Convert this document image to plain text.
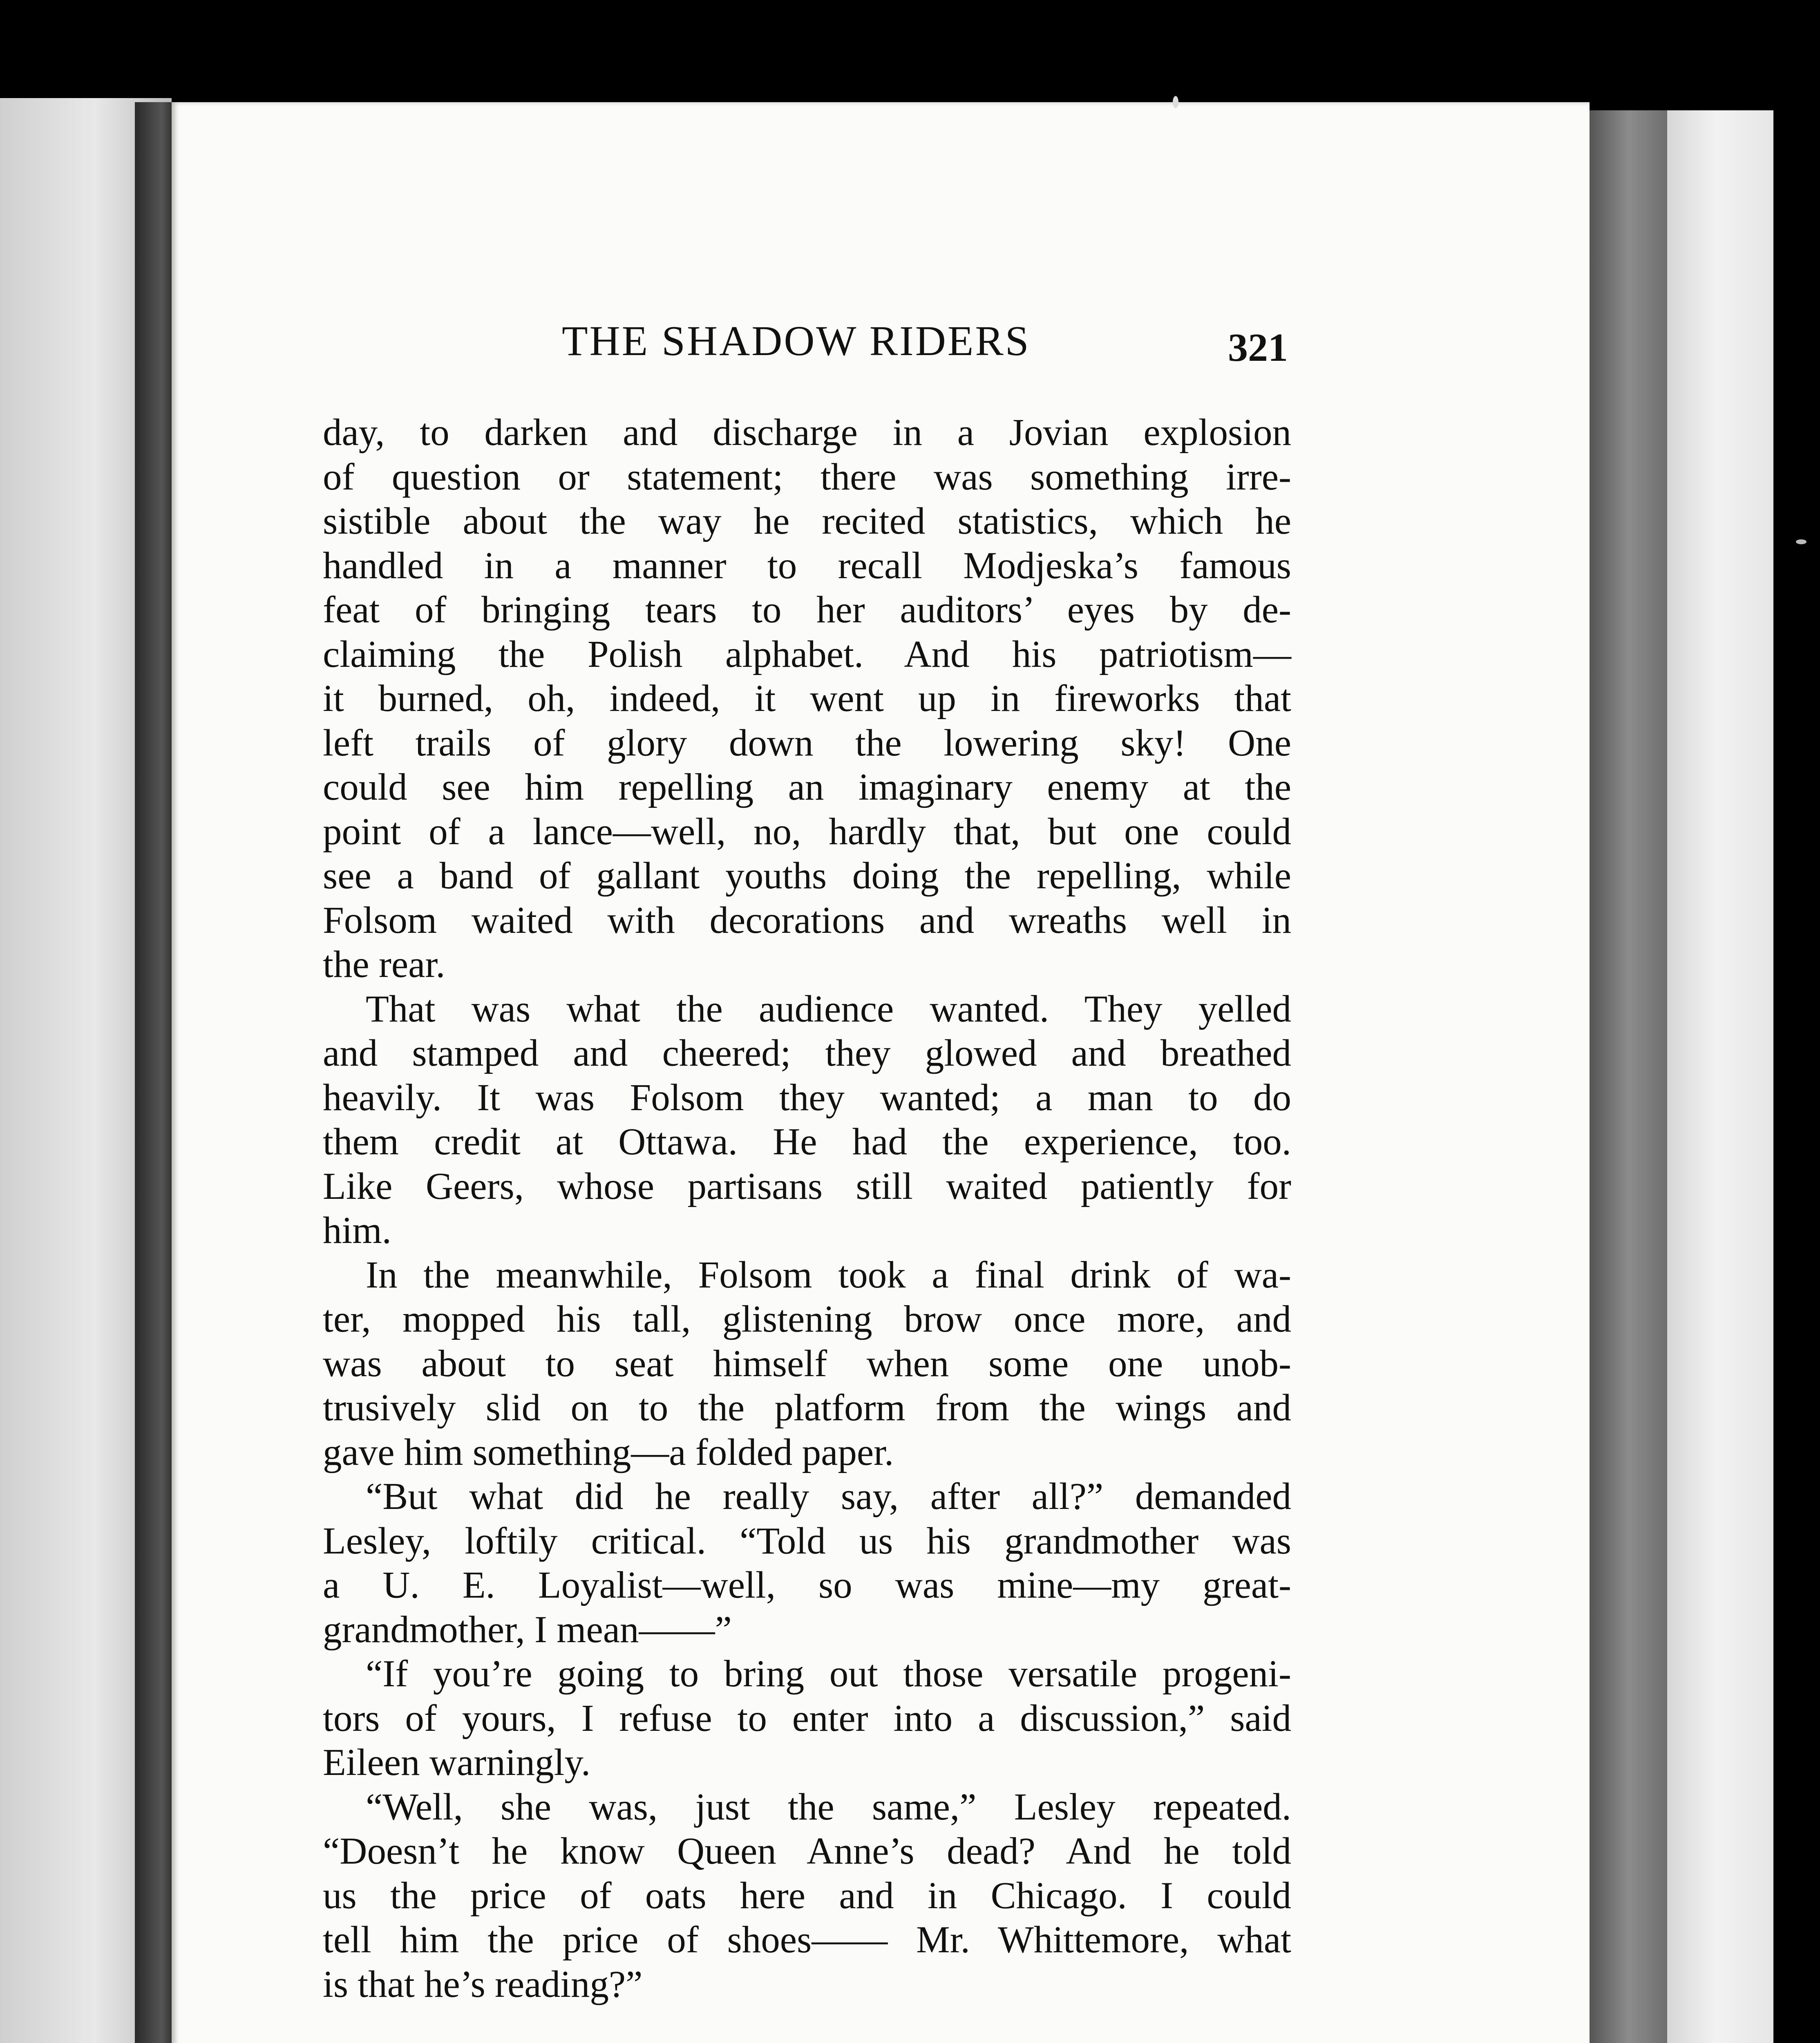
THE SHADOW RIDERS	321
day, to darken and discharge in a Jovian explosion
of question or statement; there was something irre-
sistible about the way he recited statistics, which he
handled in a manner to recall Modjeska’s famous
feat of bringing tears to her auditors’ eyes by de-
claiming the Polish alphabet. And his patriotism—
it burned, oh, indeed, it went up in fireworks that
left trails of glory down the lowering sky! One
could see him repelling an imaginary enemy at the
point of a lance—well, no, hardly that, but one could
see a band of gallant youths doing the repelling, while
Folsom waited with decorations and wreaths well in
the rear.
That was what the audience wanted. They yelled
and stamped and cheered; they glowed and breathed
heavily. It was Folsom they wanted; a man to do
them credit at Ottawa. He had the experience, too.
Like Geers, whose partisans still waited patiently for
him.
In the meanwhile, Folsom took a final drink of wa-
ter, mopped his tall, glistening brow once more, and
was about to seat himself when some one unob-
trusively slid on to the platform from the wings and
gave him something—a folded paper.
“But what did he really say, after all?” demanded
Lesley, loftily critical. “Told us his grandmother was
a U. E. Loyalist—well, so was mine—my great-
grandmother, I mean——”
“If you’re going to bring out those versatile progeni-
tors of yours, I refuse to enter into a discussion,” said
Eileen warningly.
“Well, she was, just the same,” Lesley repeated.
“Doesn’t he know Queen Anne’s dead? And he told
us the price of oats here and in Chicago. I could
tell him the price of shoes—— Mr. Whittemore, what
is that he’s reading?”
